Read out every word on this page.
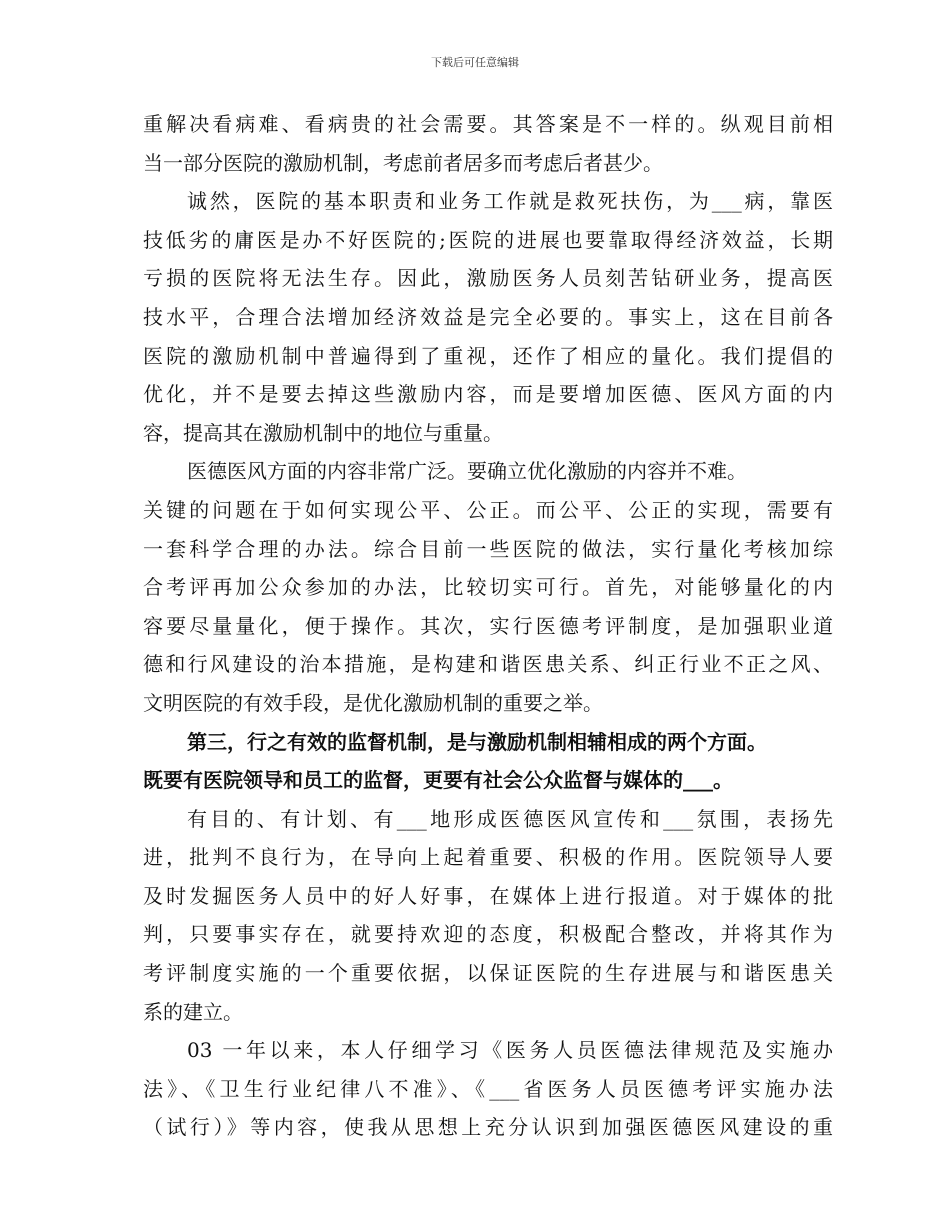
下载后可任意编辑
重解决看病难、看病贵的社会需要。其答案是不一样的。纵观目前相
当一部分医院的激励机制，考虑前者居多而考虑后者甚少。
诚然，医院的基本职责和业务工作就是救死扶伤，为___病，靠医
技低劣的庸医是办不好医院的;医院的进展也要靠取得经济效益，长期
亏损的医院将无法生存。因此，激励医务人员刻苦钻研业务，提高医
技水平，合理合法增加经济效益是完全必要的。事实上，这在目前各
医院的激励机制中普遍得到了重视，还作了相应的量化。我们提倡的
优化，并不是要去掉这些激励内容，而是要增加医德、医风方面的内
容，提高其在激励机制中的地位与重量。
医德医风方面的内容非常广泛。要确立优化激励的内容并不难。
关键的问题在于如何实现公平、公正。而公平、公正的实现，需要有
一套科学合理的办法。综合目前一些医院的做法，实行量化考核加综
合考评再加公众参加的办法，比较切实可行。首先，对能够量化的内
容要尽量量化，便于操作。其次，实行医德考评制度，是加强职业道
德和行风建设的治本措施，是构建和谐医患关系、纠正行业不正之风、
文明医院的有效手段，是优化激励机制的重要之举。
第三，行之有效的监督机制，是与激励机制相辅相成的两个方面。
既要有医院领导和员工的监督，更要有社会公众监督与媒体的___。
有目的、有计划、有___地形成医德医风宣传和___氛围，表扬先
进，批判不良行为，在导向上起着重要、积极的作用。医院领导人要
及时发掘医务人员中的好人好事，在媒体上进行报道。对于媒体的批
判，只要事实存在，就要持欢迎的态度，积极配合整改，并将其作为
考评制度实施的一个重要依据，以保证医院的生存进展与和谐医患关
系的建立。
03 一年以来，本人仔细学习《医务人员医德法律规范及实施办
法》、《卫生行业纪律八不准》、《___省医务人员医德考评实施办法
（试行）》等内容，使我从思想上充分认识到加强医德医风建设的重
